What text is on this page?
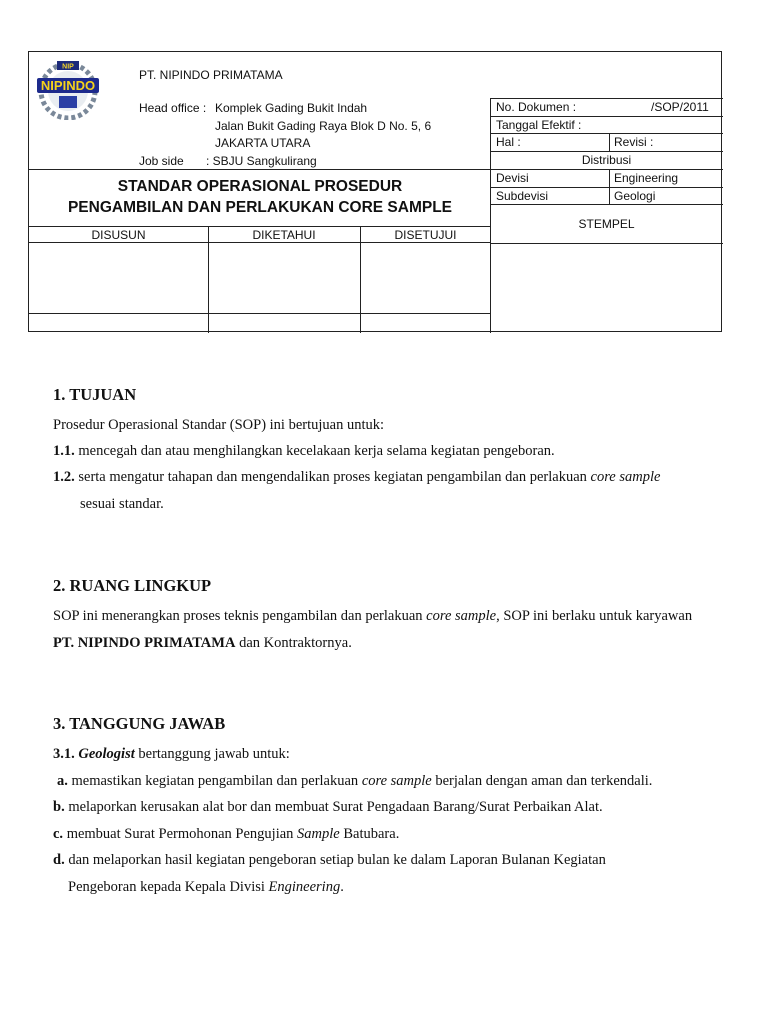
NIP
NIPINDO
PT. NIPINDO PRIMATAMA
Head office : Komplek Gading Bukit Indah
Jalan Bukit Gading Raya Blok D No. 5, 6
JAKARTA UTARA
Job side : SBJU Sangkulirang
STANDAR OPERASIONAL PROSEDUR
PENGAMBILAN DAN PERLAKUKAN CORE SAMPLE
DISUSUN	DIKETAHUI	DISETUJUI
No. Dokumen :	/SOP/2011
Tanggal Efektif :
Hal :	Revisi :
Distribusi
Devisi	Engineering
Subdevisi	Geologi
STEMPEL
1. TUJUAN
Prosedur Operasional Standar (SOP) ini bertujuan untuk:
1.1. mencegah dan atau menghilangkan kecelakaan kerja selama kegiatan pengeboran.
1.2. serta mengatur tahapan dan mengendalikan proses kegiatan pengambilan dan perlakuan core sample
sesuai standar.
2. RUANG LINGKUP
SOP ini menerangkan proses teknis pengambilan dan perlakuan core sample, SOP ini berlaku untuk karyawan
PT. NIPINDO PRIMATAMA dan Kontraktornya.
3. TANGGUNG JAWAB
3.1. Geologist bertanggung jawab untuk:
a. memastikan kegiatan pengambilan dan perlakuan core sample berjalan dengan aman dan terkendali.
b. melaporkan kerusakan alat bor dan membuat Surat Pengadaan Barang/Surat Perbaikan Alat.
c. membuat Surat Permohonan Pengujian Sample Batubara.
d. dan melaporkan hasil kegiatan pengeboran setiap bulan ke dalam Laporan Bulanan Kegiatan
Pengeboran kepada Kepala Divisi Engineering.
